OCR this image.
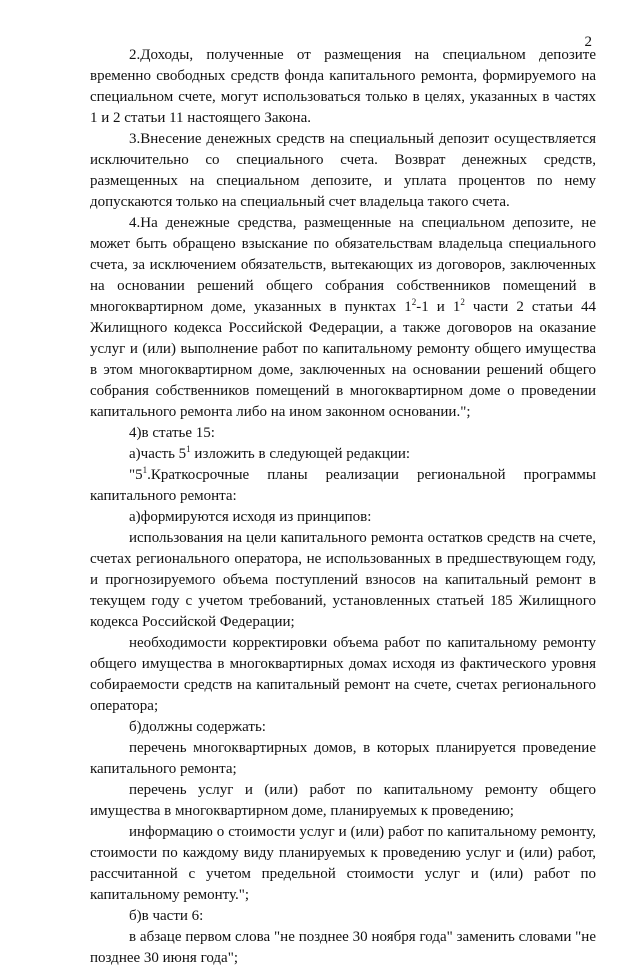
2

2.Доходы, полученные от размещения на специальном депозите временно свободных средств фонда капитального ремонта, формируемого на специальном счете, могут использоваться только в целях, указанных в частях 1 и 2 статьи 11 настоящего Закона.

3.Внесение денежных средств на специальный депозит осуществляется исключительно со специального счета. Возврат денежных средств, размещенных на специальном депозите, и уплата процентов по нему допускаются только на специальный счет владельца такого счета.

4.На денежные средства, размещенные на специальном депозите, не может быть обращено взыскание по обязательствам владельца специального счета, за исключением обязательств, вытекающих из договоров, заключенных на основании решений общего собрания собственников помещений в многоквартирном доме, указанных в пунктах $1^2-1$ и $1^2$ части 2 статьи 44 Жилищного кодекса Российской Федерации, а также договоров на оказание услуг и (или) выполнение работ по капитальному ремонту общего имущества в этом многоквартирном доме, заключенных на основании решений общего собрания собственников помещений в многоквартирном доме о проведении капитального ремонта либо на ином законном основании.";

4)в статье 15:

а)часть $5^1$ изложить в следующей редакции:

"$5^1.Краткосрочные$ планы реализации региональной программы капитального ремонта:

а)формируются исходя из принципов:

использования на цели капитального ремонта остатков средств на счете, счетах регионального оператора, не использованных в предшествующем году, и прогнозируемого объема поступлений взносов на капитальный ремонт в текущем году с учетом требований, установленных статьей 185 Жилищного кодекса Российской Федерации;

необходимости корректировки объема работ по капитальному ремонту общего имущества в многоквартирных домах исходя из фактического уровня собираемости средств на капитальный ремонт на счете, счетах регионального оператора;

б)должны содержать:

перечень многоквартирных домов, в которых планируется проведение капитального ремонта;

перечень услуг и (или) работ по капитальному ремонту общего имущества в многоквартирном доме, планируемых к проведению;

информацию о стоимости услуг и (или) работ по капитальному ремонту, стоимости по каждому виду планируемых к проведению услуг и (или) работ, рассчитанной с учетом предельной стоимости услуг и (или) работ по капитальному ремонту.";

б)в части 6:

в абзаце первом слова "не позднее 30 ноября года" заменить словами "не позднее 30 июня года";
